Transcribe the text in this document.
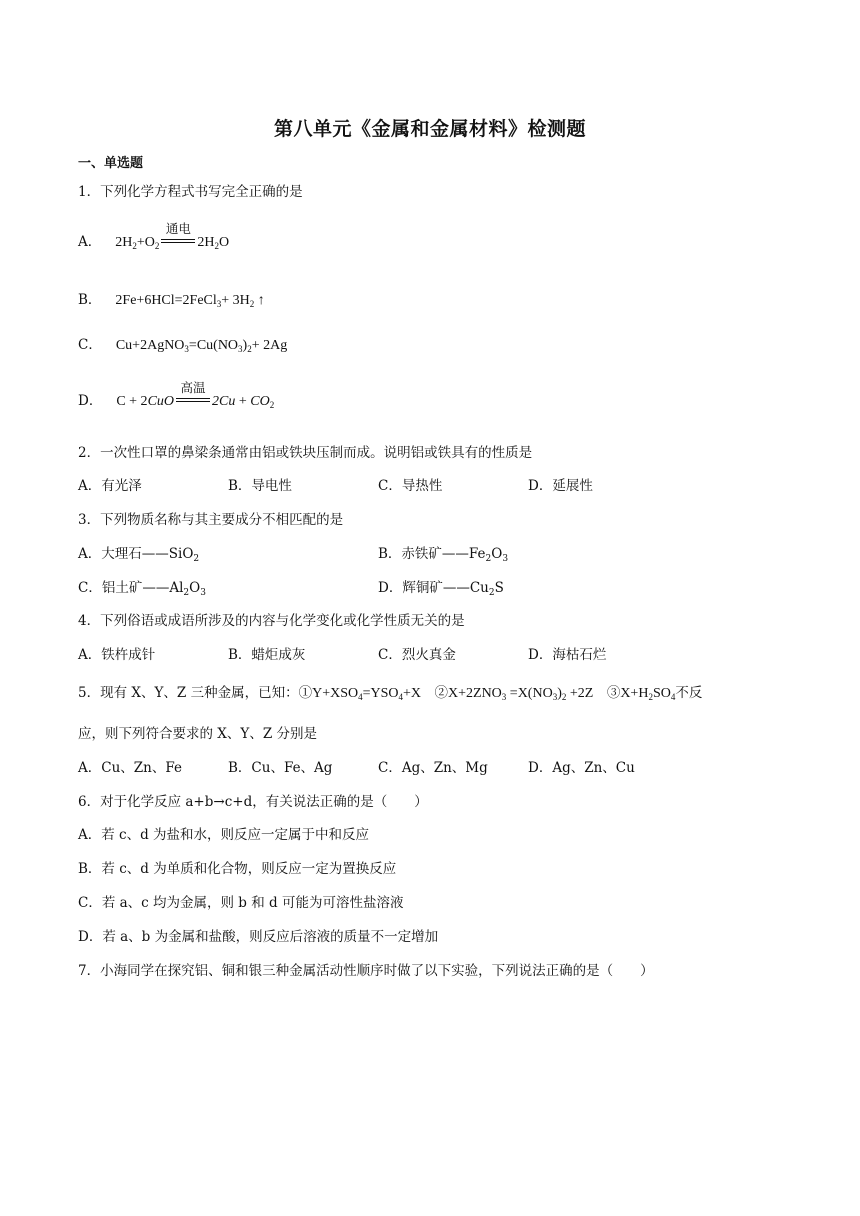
第八单元《金属和金属材料》检测题
一、单选题
1．下列化学方程式书写完全正确的是
A． $2H_2+O_2$
通电
$2H_2O$
B． 2Fe+6HCl=2FeCl$_3$+ $3H_2$ ↑
C． $Cu+2AgNO_3=Cu(NO_3)_2+ 2Ag$
D． C + 2CuO
高温
$2Cu + CO_2$
2．一次性口罩的鼻梁条通常由铝或铁块压制而成。说明铝或铁具有的性质是
A．有光泽	B．导电性	C．导热性	D．延展性
3．下列物质名称与其主要成分不相匹配的是
A．大理石——SiO$_2$	B．赤铁矿$——Fe_2O_3$
C．铝土矿$——Al_2O_3$	D．辉铜矿$——Cu_2S$
4．下列俗语或成语所涉及的内容与化学变化或化学性质无关的是
A．铁杵成针	B．蜡炬成灰	C．烈火真金	D．海枯石烂
5．现有 X、Y、Z 三种金属，已知：$①Y+XSO_4=YSO_4+X$　 $②X+2ZNO_3 =X(NO_3)_2 +2Z$　 $③X+H_2SO_4$不反
应，则下列符合要求的 X、Y、Z 分别是
A．Cu、Zn、Fe	B．Cu、Fe、Ag	C．Ag、Zn、Mg	D．Ag、Zn、Cu
6．对于化学反应 a+b→c+d，有关说法正确的是（　　）
A．若 c、d 为盐和水，则反应一定属于中和反应
B．若 c、d 为单质和化合物，则反应一定为置换反应
C．若 a、c 均为金属，则 b 和 d 可能为可溶性盐溶液
D．若 a、b 为金属和盐酸，则反应后溶液的质量不一定增加
7．小海同学在探究铝、铜和银三种金属活动性顺序时做了以下实验，下列说法正确的是（　　）
